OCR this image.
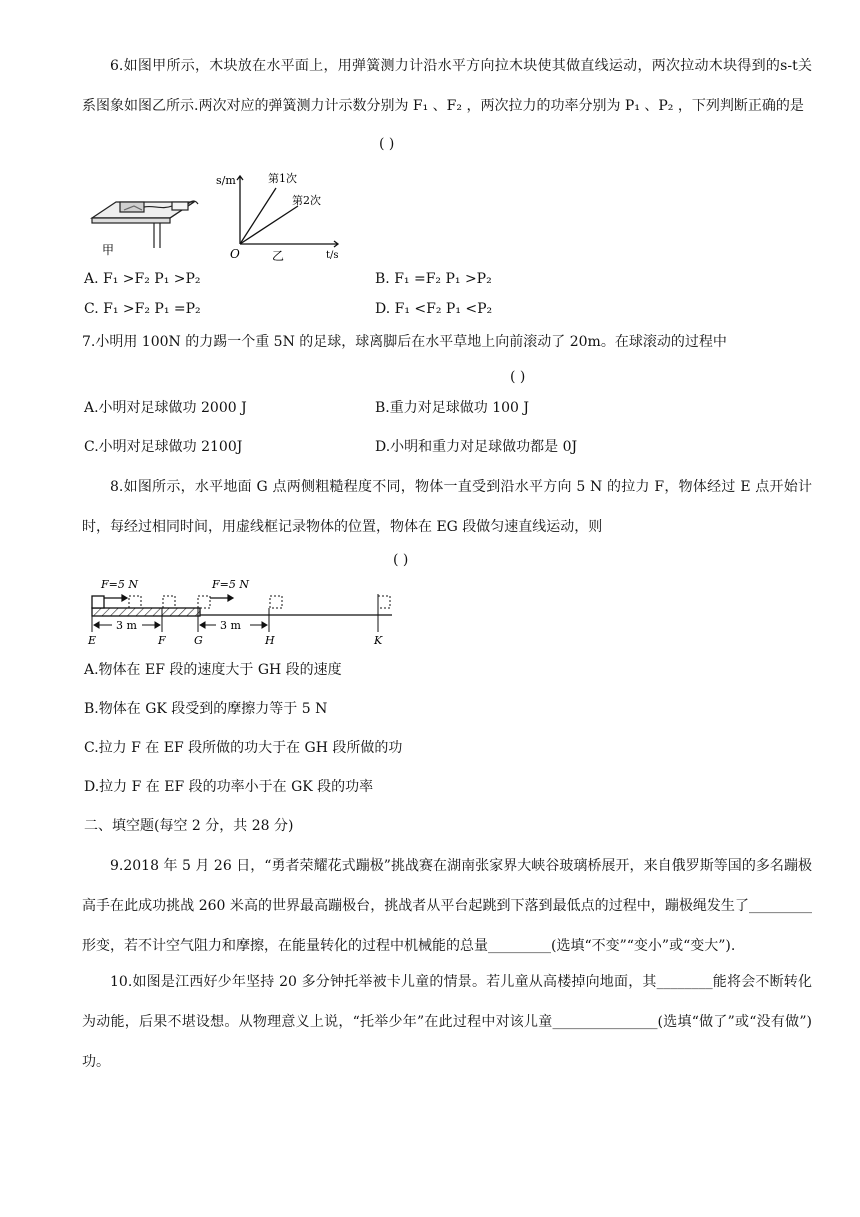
6.如图甲所示，木块放在水平面上，用弹簧测力计沿水平方向拉木块使其做直线运动，两次拉动木块得到的s-t关系图象如图乙所示.两次对应的弹簧测力计示数分别为 F₁ 、F₂ ，两次拉力的功率分别为 P₁ 、P₂ ，下列判断正确的是
( )
甲
s/m
t/s
O	乙
第1次
第2次
A. F₁ >F₂ P₁ >P₂	B. F₁ =F₂ P₁ >P₂
C. F₁ >F₂ P₁ =P₂	D. F₁ <F₂ P₁ <P₂
7.小明用 100N 的力踢一个重 5N 的足球，球离脚后在水平草地上向前滚动了 20m。在球滚动的过程中
( )
A.小明对足球做功 2000 J	B.重力对足球做功 100 J
C.小明对足球做功 2100J	D.小明和重力对足球做功都是 0J
8.如图所示，水平地面 G 点两侧粗糙程度不同，物体一直受到沿水平方向 5 N 的拉力 F，物体经过 E 点开始计时，每经过相同时间，用虚线框记录物体的位置，物体在 EG 段做匀速直线运动，则
( )
F=5 N	F=5 N
3 m	3 m
E	F	G	H	K
A.物体在 EF 段的速度大于 GH 段的速度
B.物体在 GK 段受到的摩擦力等于 5 N
C.拉力 F 在 EF 段所做的功大于在 GH 段所做的功
D.拉力 F 在 EF 段的功率小于在 GK 段的功率
二、填空题(每空 2 分，共 28 分)
9.2018 年 5 月 26 日，“勇者荣耀花式蹦极”挑战赛在湖南张家界大峡谷玻璃桥展开，来自俄罗斯等国的多名蹦极高手在此成功挑战 260 米高的世界最高蹦极台，挑战者从平台起跳到下落到最低点的过程中，蹦极绳发生了_________形变，若不计空气阻力和摩擦，在能量转化的过程中机械能的总量_________(选填“不变”“变小”或“变大”).
10.如图是江西好少年坚持 20 多分钟托举被卡儿童的情景。若儿童从高楼掉向地面，其________能将会不断转化为动能，后果不堪设想。从物理意义上说，“托举少年”在此过程中对该儿童_______________(选填“做了”或“没有做”)功。
